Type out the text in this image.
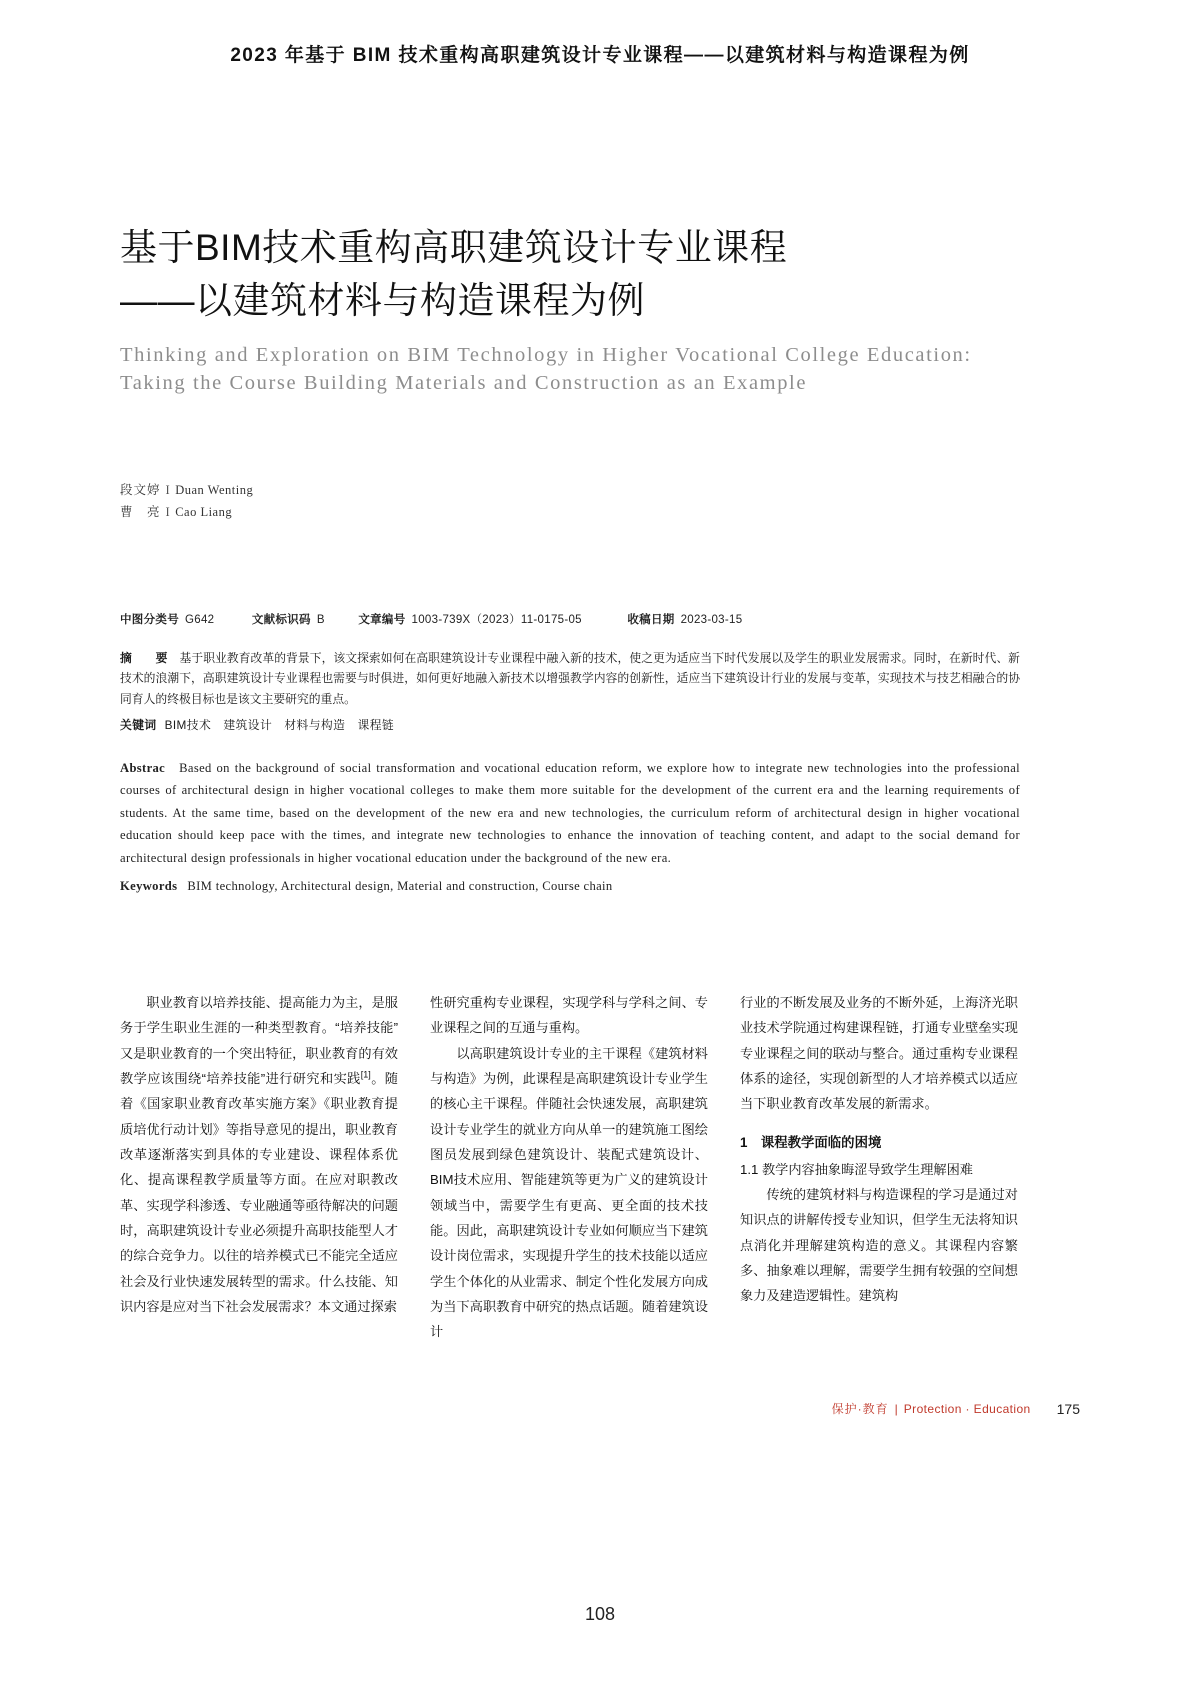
2023 年基于 BIM 技术重构高职建筑设计专业课程——以建筑材料与构造课程为例
基于BIM技术重构高职建筑设计专业课程
——以建筑材料与构造课程为例
Thinking and Exploration on BIM Technology in Higher Vocational College Education: Taking the Course Building Materials and Construction as an Example
段文婷 I Duan Wenting
曹　亮 I Cao Liang
中图分类号 G642	文献标识码 B	文章编号 1003-739X（2023）11-0175-05	收稿日期 2023-03-15
摘　要 基于职业教育改革的背景下，该文探索如何在高职建筑设计专业课程中融入新的技术，使之更为适应当下时代发展以及学生的职业发展需求。同时，在新时代、新技术的浪潮下，高职建筑设计专业课程也需要与时俱进，如何更好地融入新技术以增强教学内容的创新性，适应当下建筑设计行业的发展与变革，实现技术与技艺相融合的协同育人的终极目标也是该文主要研究的重点。
关键词 BIM技术　建筑设计　材料与构造　课程链
Abstrac Based on the background of social transformation and vocational education reform, we explore how to integrate new technologies into the professional courses of architectural design in higher vocational colleges to make them more suitable for the development of the current era and the learning requirements of students. At the same time, based on the development of the new era and new technologies, the curriculum reform of architectural design in higher vocational education should keep pace with the times, and integrate new technologies to enhance the innovation of teaching content, and adapt to the social demand for architectural design professionals in higher vocational education under the background of the new era.
Keywords BIM technology, Architectural design, Material and construction, Course chain

职业教育以培养技能、提高能力为主，是服务于学生职业生涯的一种类型教育。“培养技能”又是职业教育的一个突出特征，职业教育的有效教学应该围绕“培养技能”进行研究和实践[1]。随着《国家职业教育改革实施方案》《职业教育提质培优行动计划》等指导意见的提出，职业教育改革逐渐落实到具体的专业建设、课程体系优化、提高课程教学质量等方面。在应对职教改革、实现学科渗透、专业融通等亟待解决的问题时，高职建筑设计专业必须提升高职技能型人才的综合竞争力。以往的培养模式已不能完全适应社会及行业快速发展转型的需求。什么技能、知识内容是应对当下社会发展需求？本文通过探索

性研究重构专业课程，实现学科与学科之间、专业课程之间的互通与重构。

以高职建筑设计专业的主干课程《建筑材料与构造》为例，此课程是高职建筑设计专业学生的核心主干课程。伴随社会快速发展，高职建筑设计专业学生的就业方向从单一的建筑施工图绘图员发展到绿色建筑设计、装配式建筑设计、BIM技术应用、智能建筑等更为广义的建筑设计领域当中，需要学生有更高、更全面的技术技能。因此，高职建筑设计专业如何顺应当下建筑设计岗位需求，实现提升学生的技术技能以适应学生个体化的从业需求、制定个性化发展方向成为当下高职教育中研究的热点话题。随着建筑设计

行业的不断发展及业务的不断外延，上海济光职业技术学院通过构建课程链，打通专业壁垒实现专业课程之间的联动与整合。通过重构专业课程体系的途径，实现创新型的人才培养模式以适应当下职业教育改革发展的新需求。

1　课程教学面临的困境
1.1 教学内容抽象晦涩导致学生理解困难

传统的建筑材料与构造课程的学习是通过对知识点的讲解传授专业知识，但学生无法将知识点消化并理解建筑构造的意义。其课程内容繁多、抽象难以理解，需要学生拥有较强的空间想象力及建造逻辑性。建筑构

保护·教育 | Protection · Education 175
108
